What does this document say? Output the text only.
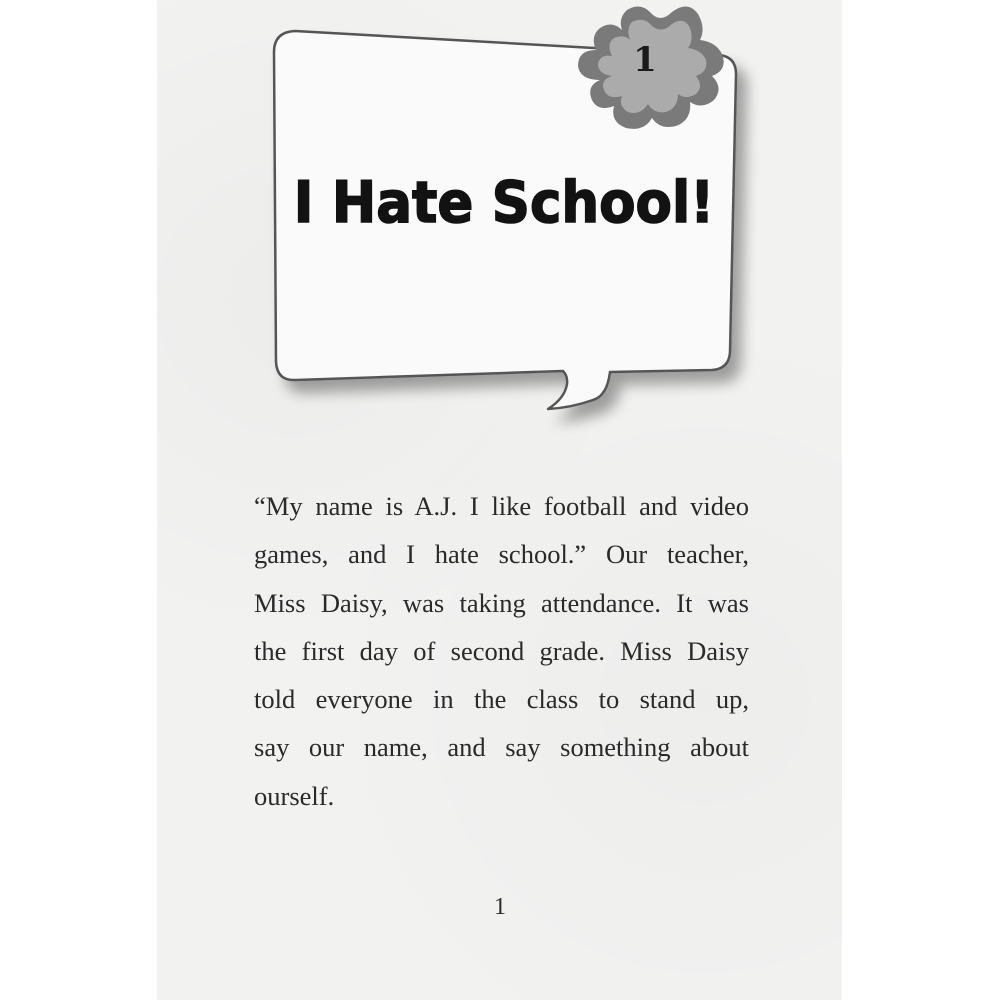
1
I Hate School!
“My name is A.J. I like football and video
games, and I hate school.” Our teacher,
Miss Daisy, was taking attendance. It was
the first day of second grade. Miss Daisy
told everyone in the class to stand up,
say our name, and say something about
ourself.
1
